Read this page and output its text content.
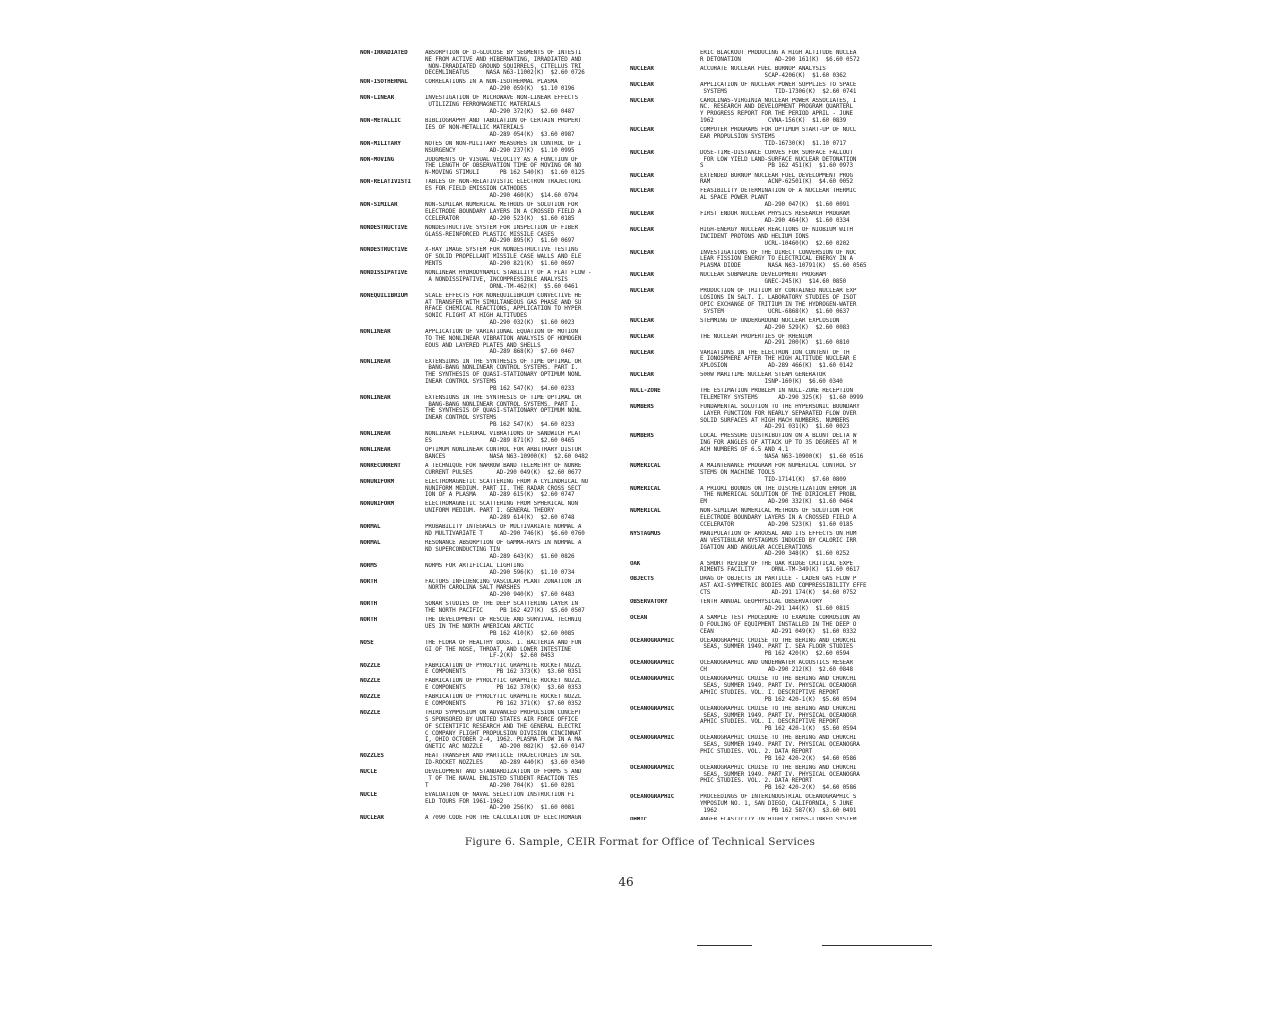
NON-IRRADIATED	ABSORPTION OF D-GLUCOSE BY SEGMENTS OF INTESTI
NE FROM ACTIVE AND HIBERNATING, IRRADIATED AND
NON-IRRADIATED GROUND SQUIRRELS, CITELLUS TRI
DECEMLINEATUS     NASA N63-11002(K)  $2.60 0726
NON-ISOTHERMAL	CORRELATIONS IN A NON-ISOTHERMAL PLASMA
AD-290 059(K)  $1.10 0196
NON-LINEAR	INVESTIGATION OF MICROWAVE NON-LINEAR EFFECTS
UTILIZING FERROMAGNETIC MATERIALS
AD-290 372(K)  $2.60 0487
NON-METALLIC	BIBLIOGRAPHY AND TABULATION OF CERTAIN PROPERT
IES OF NON-METALLIC MATERIALS
AD-289 054(K)  $3.60 0987
NON-MILITARY	NOTES ON NON-MILITARY MEASURES IN CONTROL OF I
NSURGENCY          AD-290 237(K)  $1.10 0995
NON-MOVING	JUDGMENTS OF VISUAL VELOCITY AS A FUNCTION OF
THE LENGTH OF OBSERVATION TIME OF MOVING OR NO
N-MOVING STIMULI      PB 162 540(K)  $1.60 0125
NON-RELATIVISTI	TABLES OF NON-RELATIVISTIC ELECTRON TRAJECTORI
ES FOR FIELD EMISSION CATHODES
AD-290 460(K)  $14.60 0794
NON-SIMILAR	NON-SIMILAR NUMERICAL METHODS OF SOLUTION FOR
ELECTRODE BOUNDARY LAYERS IN A CROSSED FIELD A
CCELERATOR         AD-290 523(K)  $1.60 0185
NONDESTRUCTIVE	NONDESTRUCTIVE SYSTEM FOR INSPECTION OF FIBER
GLASS-REINFORCED PLASTIC MISSILE CASES
AD-290 895(K)  $1.60 0697
NONDESTRUCTIVE	X-RAY IMAGE SYSTEM FOR NONDESTRUCTIVE TESTING
OF SOLID PROPELLANT MISSILE CASE WALLS AND ELE
MENTS              AD-290 821(K)  $1.60 0697
NONDISSIPATIVE	NONLINEAR HYDRODYNAMIC STABILITY OF A FLAT FLOW -
A NONDISSIPATIVE, INCOMPRESSIBLE ANALYSIS
ORNL-TM-462(K)  $5.60 0461
NONEQUILIBRIUM	SCALE EFFECTS FOR NONEQUILIBRIUM CONVECTIVE HE
AT TRANSFER WITH SIMULTANEOUS GAS PHASE AND SU
RFACE CHEMICAL REACTIONS, APPLICATION TO HYPER
SONIC FLIGHT AT HIGH ALTITUDES
AD-290 032(K)  $1.60 0023
NONLINEAR	APPLICATION OF VARIATIONAL EQUATION OF MOTION
TO THE NONLINEAR VIBRATION ANALYSIS OF HOMOGEN
EOUS AND LAYERED PLATES AND SHELLS
AD-289 868(K)  $7.60 0467
NONLINEAR	EXTENSIONS IN THE SYNTHESIS OF TIME OPTIMAL OR
BANG-BANG NONLINEAR CONTROL SYSTEMS. PART I.
THE SYNTHESIS OF QUASI-STATIONARY OPTIMUM NONL
INEAR CONTROL SYSTEMS
PB 162 547(K)  $4.60 0233
NONLINEAR	EXTENSIONS IN THE SYNTHESIS OF TIME OPTIMAL OR
BANG-BANG NONLINEAR CONTROL SYSTEMS. PART I.
THE SYNTHESIS OF QUASI-STATIONARY OPTIMUM NONL
INEAR CONTROL SYSTEMS
PB 162 547(K)  $4.60 0233
NONLINEAR	NONLINEAR FLEXURAL VIBRATIONS OF SANDWICH PLAT
ES                 AD-289 871(K)  $2.60 0465
NONLINEAR	OPTIMUM NONLINEAR CONTROL FOR ARBITRARY DISTUR
BANCES             NASA N63-10900(K)  $2.60 0482
NONRECURRENT	A TECHNIQUE FOR NARROW BAND TELEMETRY OF NONRE
CURRENT PULSES       AD-290 049(K)  $2.60 0677
NONUNIFORM	ELECTROMAGNETIC SCATTERING FROM A CYLINDRICAL NO
NUNIFORM MEDIUM. PART II. THE RADAR CROSS SECT
ION OF A PLASMA    AD-289 615(K)  $2.60 0747
NONUNIFORM	ELECTROMAGNETIC SCATTERING FROM SPHERICAL NON
UNIFORM MEDIUM. PART I. GENERAL THEORY
AD-289 614(K)  $2.60 0748
NORMAL	PROBABILITY INTEGRALS OF MULTIVARIATE NORMAL A
ND MULTIVARIATE T     AD-290 746(K)  $6.60 0760
NORMAL	RESONANCE ABSORPTION OF GAMMA-RAYS IN NORMAL A
ND SUPERCONDUCTING TIN
AD-289 643(K)  $1.60 0826
NORMS	NORMS FOR ARTIFICIAL LIGHTING
AD-290 596(K)  $1.10 0734
NORTH	FACTORS INFLUENCING VASCULAR PLANT ZONATION IN
NORTH CAROLINA SALT MARSHES
AD-290 940(K)  $7.60 0483
NORTH	SONAR STUDIES OF THE DEEP SCATTERING LAYER IN
THE NORTH PACIFIC     PB 162 427(K)  $5.60 0507
NORTH	THE DEVELOPMENT OF RESCUE AND SURVIVAL TECHNIQ
UES IN THE NORTH AMERICAN ARCTIC
PB 162 410(K)  $2.60 0085
NOSE	THE FLORA OF HEALTHY DOGS. I. BACTERIA AND FUN
GI OF THE NOSE, THROAT, AND LOWER INTESTINE
LF-2(K)  $2.60 0453
NOZZLE	FABRICATION OF PYROLYTIC GRAPHITE ROCKET NOZZL
E COMPONENTS         PB 162 373(K)  $3.60 0351
NOZZLE	FABRICATION OF PYROLYTIC GRAPHITE ROCKET NOZZL
E COMPONENTS         PB 162 370(K)  $3.60 0353
NOZZLE	FABRICATION OF PYROLYTIC GRAPHITE ROCKET NOZZL
E COMPONENTS         PB 162 371(K)  $7.60 0352
NOZZLE	THIRD SYMPOSIUM ON ADVANCED PROPULSION CONCEPT
S SPONSORED BY UNITED STATES AIR FORCE OFFICE
OF SCIENTIFIC RESEARCH AND THE GENERAL ELECTRI
C COMPANY FLIGHT PROPULSION DIVISION CINCINNAT
I, OHIO OCTOBER 2-4, 1962. PLASMA FLOW IN A MA
GNETIC ARC NOZZLE     AD-290 082(K)  $2.60 0147
NOZZLES	HEAT TRANSFER AND PARTICLE TRAJECTORIES IN SOL
ID-ROCKET NOZZLES     AD-289 440(K)  $3.60 0340
NUCLE	DEVELOPMENT AND STANDARDIZATION OF FORMS S AND
T OF THE NAVAL ENLISTED STUDENT REACTION TES
T                  AD-290 704(K)  $1.60 0201
NUCLE	EVALUATION OF NAVAL SELECTION INSTRUCTION FI
ELD TOURS FOR 1961-1962
AD-290 256(K)  $1.60 0081
NUCLEAR	A 7090 CODE FOR THE CALCULATION OF ELECTROMAGN
ERIC BLACKOUT PRODUCING A HIGH ALTITUDE NUCLEA
R DETONATION          AD-290 161(K)  $6.60 0572
NUCLEAR	ACCURATE NUCLEAR FUEL BURNUP ANALYSIS
SCAP-4206(K)  $1.60 0362
NUCLEAR	APPLICATION OF NUCLEAR POWER SUPPLIES TO SPACE
SYSTEMS              TID-17306(K)  $2.60 0741
NUCLEAR	CAROLINAS-VIRGINIA NUCLEAR POWER ASSOCIATES, I
NC. RESEARCH AND DEVELOPMENT PROGRAM QUARTERL
Y PROGRESS REPORT FOR THE PERIOD APRIL - JUNE
1962                CVNA-156(K)  $1.60 0839
NUCLEAR	COMPUTER PROGRAMS FOR OPTIMUM START-UP OF NUCL
EAR PROPULSION SYSTEMS
TID-16730(K)  $1.10 0717
NUCLEAR	DOSE-TIME-DISTANCE CURVES FOR SURFACE FALLOUT
FOR LOW YIELD LAND-SURFACE NUCLEAR DETONATION
S                   PB 162 451(K)  $1.60 0973
NUCLEAR	EXTENDED BURNUP NUCLEAR FUEL DEVELOPMENT PROG
RAM                 ACNP-62501(K)  $4.60 0052
NUCLEAR	FEASIBILITY DETERMINATION OF A NUCLEAR THERMIC
AL SPACE POWER PLANT
AD-290 047(K)  $1.60 0091
NUCLEAR	FIRST ENDOR NUCLEAR PHYSICS RESEARCH PROGRAM
AD-290 464(K)  $1.60 0334
NUCLEAR	HIGH-ENERGY NUCLEAR REACTIONS OF NIOBIUM WITH
INCIDENT PROTONS AND HELIUM IONS
UCRL-10460(K)  $2.60 0202
NUCLEAR	INVESTIGATIONS OF THE DIRECT CONVERSION OF NUC
LEAR FISSION ENERGY TO ELECTRICAL ENERGY IN A
PLASMA DIODE        NASA N63-10791(K)  $5.60 0565
NUCLEAR	NUCLEAR SUBMARINE DEVELOPMENT PROGRAM
GNEC-245(K)  $14.60 0850
NUCLEAR	PRODUCTION OF TRITIUM BY CONTAINED NUCLEAR EXP
LOSIONS IN SALT. I. LABORATORY STUDIES OF ISOT
OPIC EXCHANGE OF TRITIUM IN THE HYDROGEN-WATER
SYSTEM             UCRL-6868(K)  $1.60 0637
NUCLEAR	STEMMING OF UNDERGROUND NUCLEAR EXPLOSION
AD-290 529(K)  $2.60 0083
NUCLEAR	THE NUCLEAR PROPERTIES OF RHENIUM
AD-291 200(K)  $1.60 0810
NUCLEAR	VARIATIONS IN THE ELECTRON ION CONTENT OF TH
E IONOSPHERE AFTER THE HIGH ALTITUDE NUCLEAR E
XPLOSION            AD-289 466(K)  $1.60 0142
NUCLEAR	500W MARITIME NUCLEAR STEAM GENERATOR
ISNP-160(K)  $6.60 0340
NULL-ZONE	THE ESTIMATION PROBLEM IN NULL-ZONE RECEPTION
TELEMETRY SYSTEMS      AD-290 325(K)  $1.60 0999
NUMBERS	FUNDAMENTAL SOLUTION TO THE HYPERSONIC BOUNDARY
LAYER FUNCTION FOR NEARLY SEPARATED FLOW OVER
SOLID SURFACES AT HIGH MACH NUMBERS. NUMBERS
AD-291 031(K)  $1.60 0023
NUMBERS	LOCAL PRESSURE DISTRIBUTION ON A BLUNT DELTA W
ING FOR ANGLES OF ATTACK UP TO 35 DEGREES AT M
ACH NUMBERS OF 6.5 AND 4.1
NASA N63-10900(K)  $1.60 0516
NUMERICAL	A MAINTENANCE PROGRAM FOR NUMERICAL CONTROL SY
STEMS ON MACHINE TOOLS
TID-17141(K)  $7.60 0809
NUMERICAL	A PRIORI BOUNDS ON THE DISCRETIZATION ERROR IN
THE NUMERICAL SOLUTION OF THE DIRICHLET PROBL
EM                  AD-290 332(K)  $1.60 0464
NUMERICAL	NON-SIMILAR NUMERICAL METHODS OF SOLUTION FOR
ELECTRODE BOUNDARY LAYERS IN A CROSSED FIELD A
CCELERATOR          AD-290 523(K)  $1.60 0185
NYSTAGMUS	MANIPULATION OF AROUSAL AND ITS EFFECTS ON HUM
AN VESTIBULAR NYSTAGMUS INDUCED BY CALORIC IRR
IGATION AND ANGULAR ACCELERATIONS
AD-290 348(K)  $1.60 0252
OAK	A SHORT REVIEW OF THE OAK RIDGE CRITICAL EXPE
RIMENTS FACILITY     ORNL-TM-349(K)  $1.60 0617
OBJECTS	DRAG OF OBJECTS IN PARTICLE - LADEN GAS FLOW P
AST AXI-SYMMETRIC BODIES AND COMPRESSIBILITY EFFE
CTS                  AD-291 174(K)  $4.60 0752
OBSERVATORY	TENTH ANNUAL GEOPHYSICAL OBSERVATORY
AD-291 144(K)  $1.60 0815
OCEAN	A SAMPLE TEST PROCEDURE TO EXAMINE CORROSION AN
D FOULING OF EQUIPMENT INSTALLED IN THE DEEP O
CEAN                 AD-291 049(K)  $1.60 0332
OCEANOGRAPHIC	OCEANOGRAPHIC CRUISE TO THE BERING AND CHUKCHI
SEAS, SUMMER 1949. PART I. SEA FLOOR STUDIES
PB 162 420(K)  $2.60 0594
OCEANOGRAPHIC	OCEANOGRAPHIC AND UNDERWATER ACOUSTICS RESEAR
CH                  AD-290 212(K)  $2.60 0848
OCEANOGRAPHIC	OCEANOGRAPHIC CRUISE TO THE BERING AND CHUKCHI
SEAS, SUMMER 1949. PART IV. PHYSICAL OCEANOGR
APHIC STUDIES. VOL. I. DESCRIPTIVE REPORT
PB 162 420-1(K)  $5.60 0594
OCEANOGRAPHIC	OCEANOGRAPHIC CRUISE TO THE BERING AND CHUKCHI
SEAS, SUMMER 1949. PART IV. PHYSICAL OCEANOGR
APHIC STUDIES. VOL. I. DESCRIPTIVE REPORT
PB 162 420-1(K)  $5.60 0594
OCEANOGRAPHIC	OCEANOGRAPHIC CRUISE TO THE BERING AND CHUKCHI
SEAS, SUMMER 1949. PART IV. PHYSICAL OCEANOGRA
PHIC STUDIES. VOL. 2. DATA REPORT
PB 162 420-2(K)  $4.60 0586
OCEANOGRAPHIC	OCEANOGRAPHIC CRUISE TO THE BERING AND CHUKCHI
SEAS, SUMMER 1949. PART IV. PHYSICAL OCEANOGRA
PHIC STUDIES. VOL. 2. DATA REPORT
PB 162 420-2(K)  $4.60 0586
OCEANOGRAPHIC	PROCEEDINGS OF INTERINDUSTRIAL OCEANOGRAPHIC S
YMPOSIUM NO. 1, SAN DIEGO, CALIFORNIA, 5 JUNE
1962                PB 162 587(K)  $3.60 0491
OHMIC	ANGER ELASTICITY IN HIGHLY CROSS-LINKED SYSTEM
Figure 6. Sample, CEIR Format for Office of Technical Services
46
